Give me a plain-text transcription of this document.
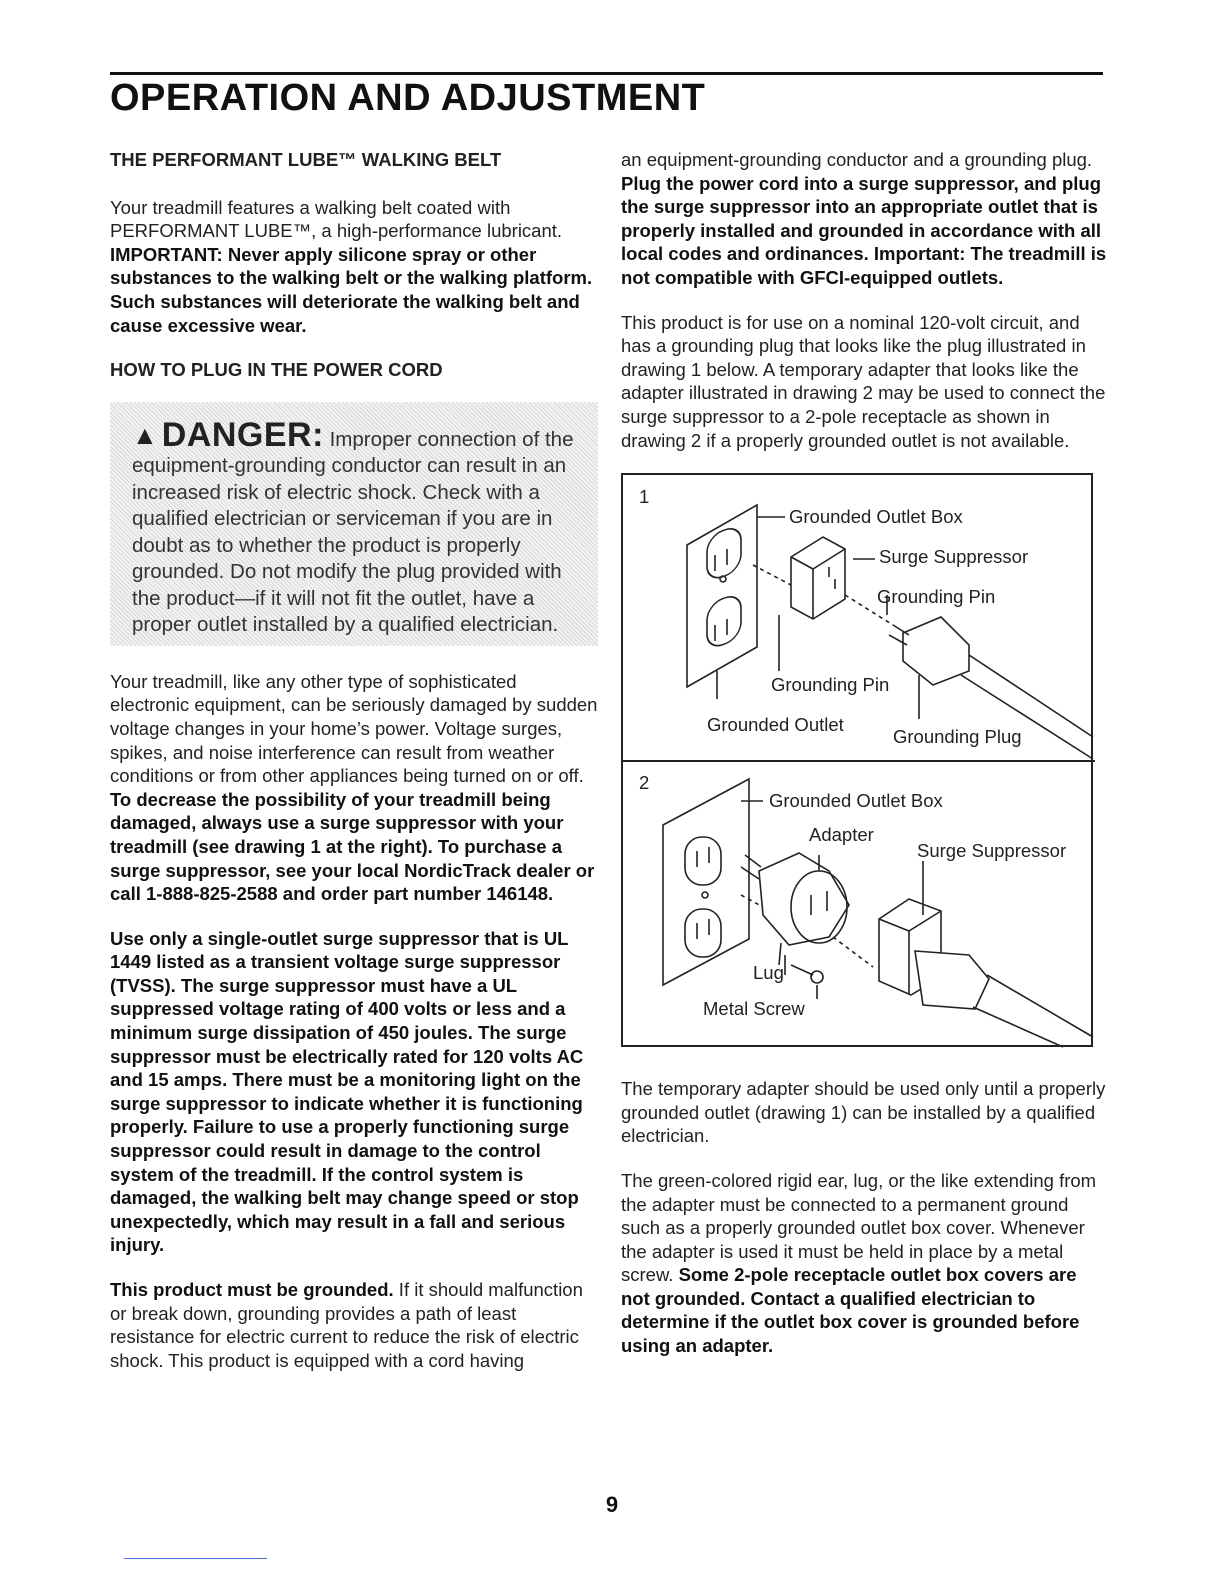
OPERATION AND ADJUSTMENT

THE PERFORMANT LUBE™ WALKING BELT

Your treadmill features a walking belt coated with PERFORMANT LUBE™, a high-performance lubricant. IMPORTANT: Never apply silicone spray or other substances to the walking belt or the walking platform. Such substances will deteriorate the walking belt and cause excessive wear.

HOW TO PLUG IN THE POWER CORD

▲ DANGER: Improper connection of the equipment-grounding conductor can result in an increased risk of electric shock. Check with a qualified electrician or serviceman if you are in doubt as to whether the product is properly grounded. Do not modify the plug provided with the product—if it will not fit the outlet, have a proper outlet installed by a qualified electrician.

Your treadmill, like any other type of sophisticated electronic equipment, can be seriously damaged by sudden voltage changes in your home’s power. Voltage surges, spikes, and noise interference can result from weather conditions or from other appliances being turned on or off. To decrease the possibility of your treadmill being damaged, always use a surge suppressor with your treadmill (see drawing 1 at the right). To purchase a surge suppressor, see your local NordicTrack dealer or call 1-888-825-2588 and order part number 146148.

Use only a single-outlet surge suppressor that is UL 1449 listed as a transient voltage surge suppressor (TVSS). The surge suppressor must have a UL suppressed voltage rating of 400 volts or less and a minimum surge dissipation of 450 joules. The surge suppressor must be electrically rated for 120 volts AC and 15 amps. There must be a monitoring light on the surge suppressor to indicate whether it is functioning properly. Failure to use a properly functioning surge suppressor could result in damage to the control system of the treadmill. If the control system is damaged, the walking belt may change speed or stop unexpectedly, which may result in a fall and serious injury.

This product must be grounded. If it should malfunction or break down, grounding provides a path of least resistance for electric current to reduce the risk of electric shock. This product is equipped with a cord having

an equipment-grounding conductor and a grounding plug. Plug the power cord into a surge suppressor, and plug the surge suppressor into an appropriate outlet that is properly installed and grounded in accordance with all local codes and ordinances. Important: The treadmill is not compatible with GFCI-equipped outlets.

This product is for use on a nominal 120-volt circuit, and has a grounding plug that looks like the plug illustrated in drawing 1 below. A temporary adapter that looks like the adapter illustrated in drawing 2 may be used to connect the surge suppressor to a 2-pole receptacle as shown in drawing 2 if a properly grounded outlet is not available.

1
Grounded Outlet Box
Surge Suppressor
Grounding Pin
Grounding Pin
Grounded Outlet
Grounding Plug
2
Grounded Outlet Box
Adapter
Surge Suppressor
Lug
Metal Screw

The temporary adapter should be used only until a properly grounded outlet (drawing 1) can be installed by a qualified electrician.

The green-colored rigid ear, lug, or the like extending from the adapter must be connected to a permanent ground such as a properly grounded outlet box cover. Whenever the adapter is used it must be held in place by a metal screw. Some 2-pole receptacle outlet box covers are not grounded. Contact a qualified electrician to determine if the outlet box cover is grounded before using an adapter.

9
